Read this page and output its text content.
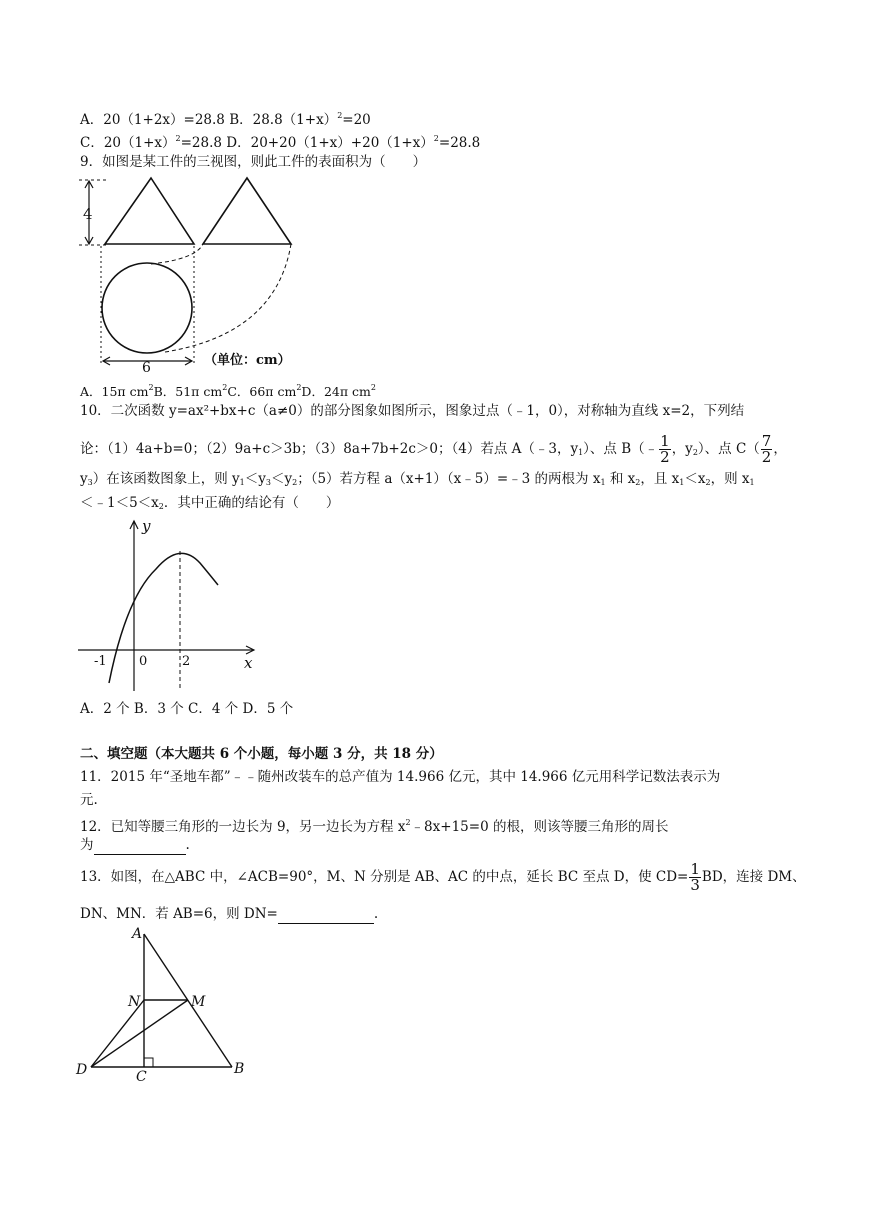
A．20（1+2x）=28.8 B．$28.8(1+x)^2=20$
C．$20(1+x)^2=28.8$ D．$20+20(1+x)+20(1+x)^2=28.8$
9．如图是某工件的三视图，则此工件的表面积为（　　）
4
6	（单位：cm）
A．15π $cm^2B$．51π $cm^2C$．66π $cm^2D$．24π $cm^2$
10．二次函数 y=ax²+bx+c（a≠0）的部分图象如图所示，图象过点（﹣1，0），对称轴为直线 x=2，下列结
论：（1）4a+b=0；（2）9a+c＞3b；（3）8a+7b+2c＞0；（4）若点 A（﹣3，$y_1$）、点 B（﹣ $\frac{1}{2}$ ，$y_2$）、点 $C( \frac{7}{2}$ ，
$y_3$）在该函数图象上，则 $y_1<y_3<y_2$；（5）若方程 a（x+1）（x﹣5）=﹣3 的两根为 $x_1$ 和 $x_2$，且 $x_1<x_2$，则 $x_1$
$<﹣1<5<x_2$．其中正确的结论有（　　）
y
x
-1 0	2
A．2 个 B．3 个 C．4 个 D．5 个
二、填空题（本大题共 6 个小题，每小题 3 分，共 18 分）
11．2015 年“圣地车都”﹣﹣随州改装车的总产值为 14.966 亿元，其中 14.966 亿元用科学记数法表示为
元.
12．已知等腰三角形的一边长为 9，另一边长为方程 $x^2﹣8x+15=0$ 的根，则该等腰三角形的周长
为	.
13．如图，在△ABC 中，∠ACB=90°，M、N 分别是 AB、AC 的中点，延长 BC 至点 D，使 $CD= \frac{1}{3}$ BD，连接 DM、
DN、MN．若 AB=6，则 DN=	.
A
B
C
D
M
N
